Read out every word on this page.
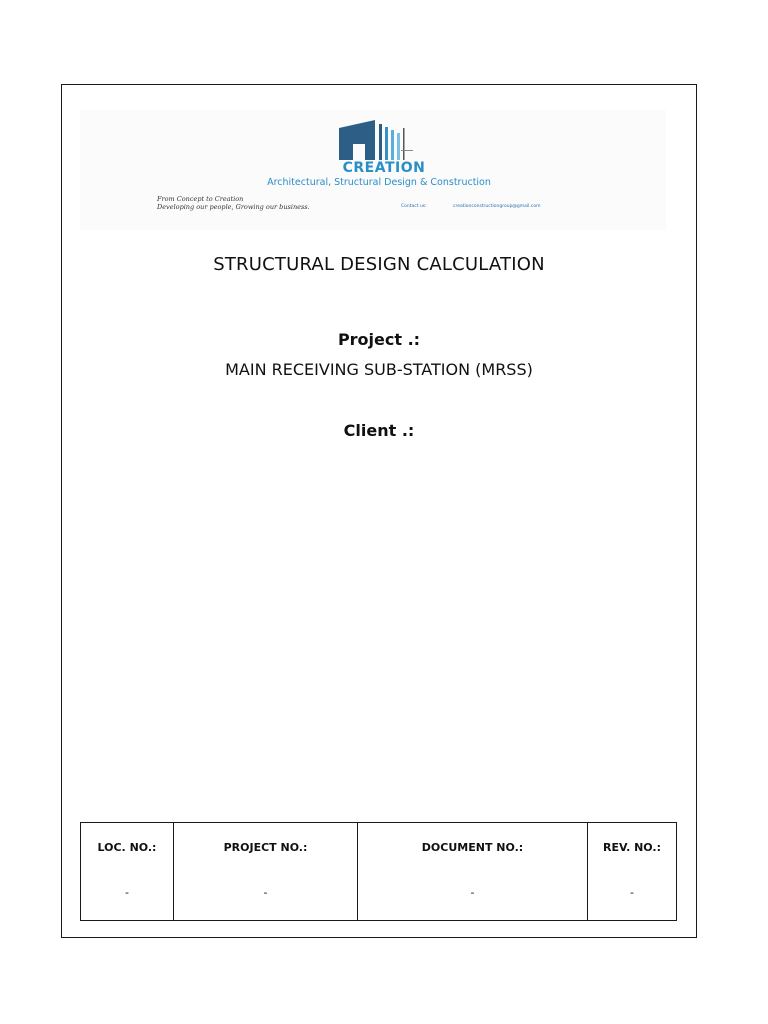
CREATION
Architectural, Structural Design & Construction
From Concept to Creation
Developing our people, Growing our business.	Contact us:	creationconstructiongroup@gmail.com
STRUCTURAL DESIGN CALCULATION
Project .:
MAIN RECEIVING SUB-STATION (MRSS)
Client .:
LOC. NO.:
-

PROJECT NO.:
-

DOCUMENT NO.:
-

REV. NO.:
-
